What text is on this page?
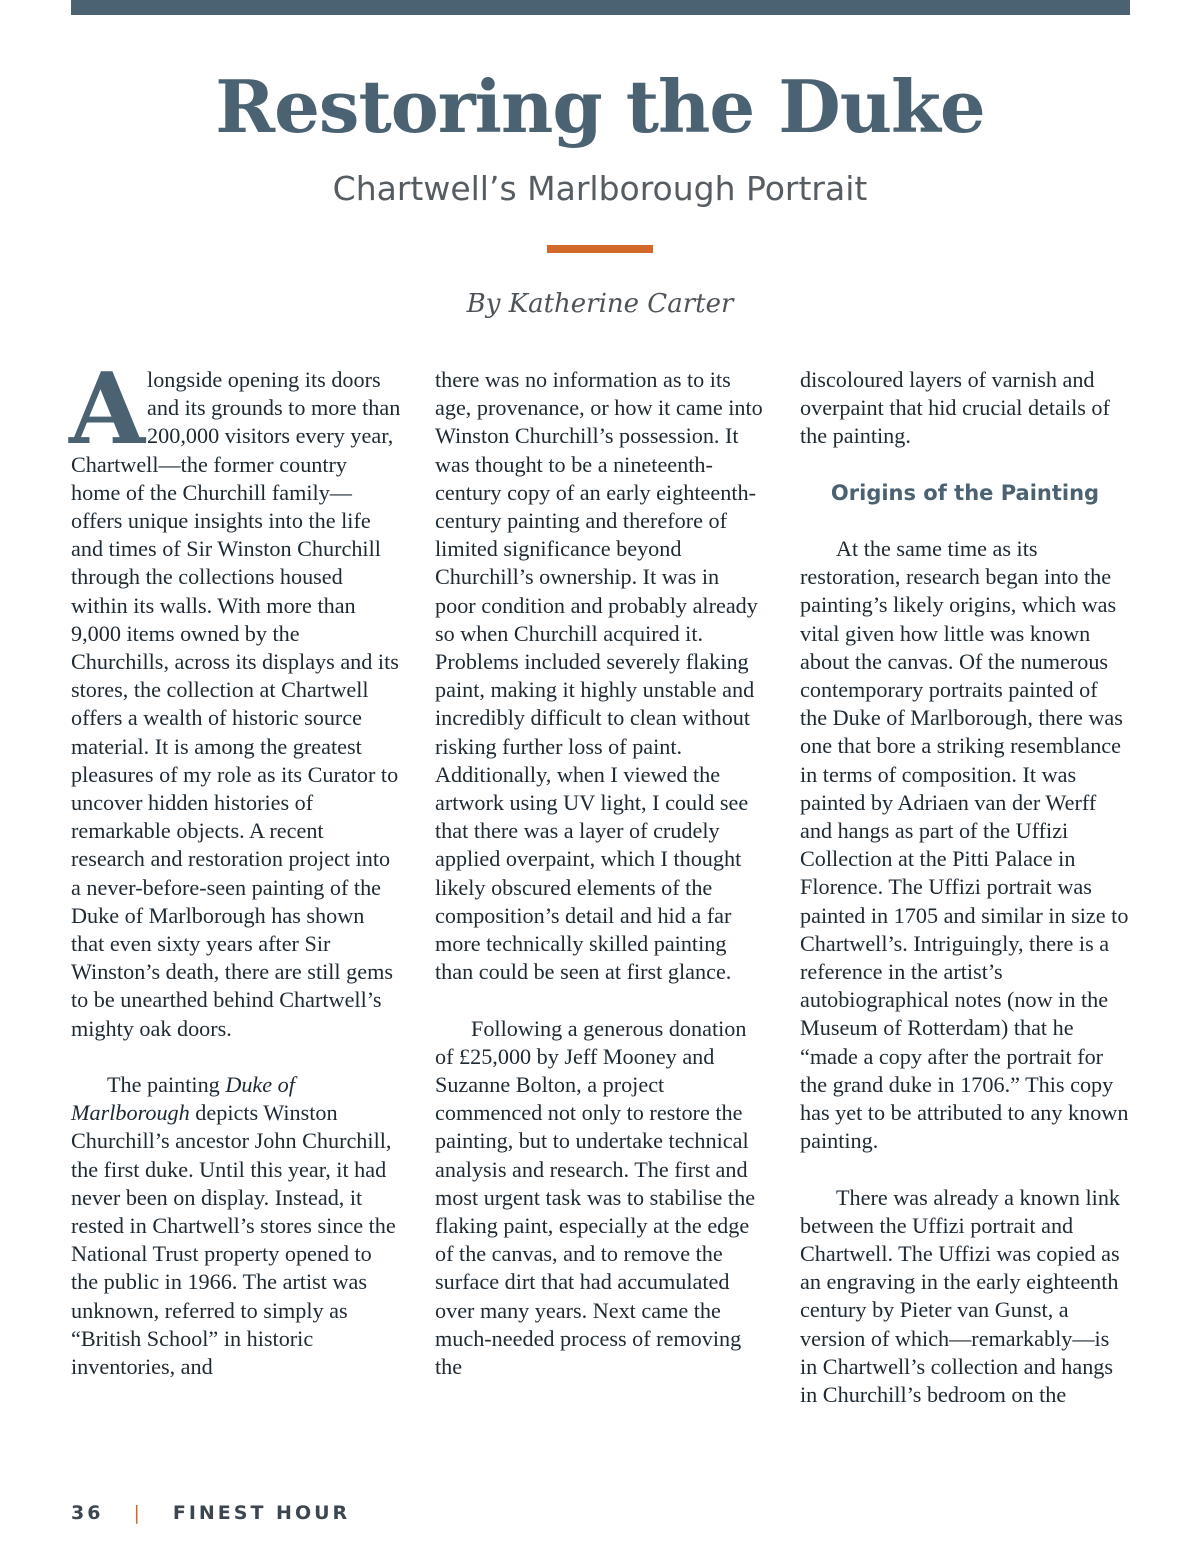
Restoring the Duke
Chartwell’s Marlborough Portrait
By Katherine Carter

Alongside opening its doors and its grounds to more than 200,000 visitors every year, Chartwell—the former country home of the Churchill family—offers unique insights into the life and times of Sir Winston Churchill through the collections housed within its walls. With more than 9,000 items owned by the Churchills, across its displays and its stores, the collection at Chartwell offers a wealth of historic source material. It is among the greatest pleasures of my role as its Curator to uncover hidden histories of remarkable objects. A recent research and restoration project into a never-before-seen painting of the Duke of Marlborough has shown that even sixty years after Sir Winston’s death, there are still gems to be unearthed behind Chartwell’s mighty oak doors.

The painting Duke of Marlborough depicts Winston Churchill’s ancestor John Churchill, the first duke. Until this year, it had never been on display. Instead, it rested in Chartwell’s stores since the National Trust property opened to the public in 1966. The artist was unknown, referred to simply as “British School” in historic inventories, and

there was no information as to its age, provenance, or how it came into Winston Churchill’s possession. It was thought to be a nineteenth-century copy of an early eighteenth-century painting and therefore of limited significance beyond Churchill’s ownership. It was in poor condition and probably already so when Churchill acquired it. Problems included severely flaking paint, making it highly unstable and incredibly difficult to clean without risking further loss of paint. Additionally, when I viewed the artwork using UV light, I could see that there was a layer of crudely applied overpaint, which I thought likely obscured elements of the composition’s detail and hid a far more technically skilled painting than could be seen at first glance.

Following a generous donation of £25,000 by Jeff Mooney and Suzanne Bolton, a project commenced not only to restore the painting, but to undertake technical analysis and research. The first and most urgent task was to stabilise the flaking paint, especially at the edge of the canvas, and to remove the surface dirt that had accumulated over many years. Next came the much-needed process of removing the

discoloured layers of varnish and overpaint that hid crucial details of the painting.

Origins of the Painting

At the same time as its restoration, research began into the painting’s likely origins, which was vital given how little was known about the canvas. Of the numerous contemporary portraits painted of the Duke of Marlborough, there was one that bore a striking resemblance in terms of composition. It was painted by Adriaen van der Werff and hangs as part of the Uffizi Collection at the Pitti Palace in Florence. The Uffizi portrait was painted in 1705 and similar in size to Chartwell’s. Intriguingly, there is a reference in the artist’s autobiographical notes (now in the Museum of Rotterdam) that he “made a copy after the portrait for the grand duke in 1706.” This copy has yet to be attributed to any known painting.

There was already a known link between the Uffizi portrait and Chartwell. The Uffizi was copied as an engraving in the early eighteenth century by Pieter van Gunst, a version of which—remarkably—is in Chartwell’s collection and hangs in Churchill’s bedroom on the

36 | FINEST HOUR
